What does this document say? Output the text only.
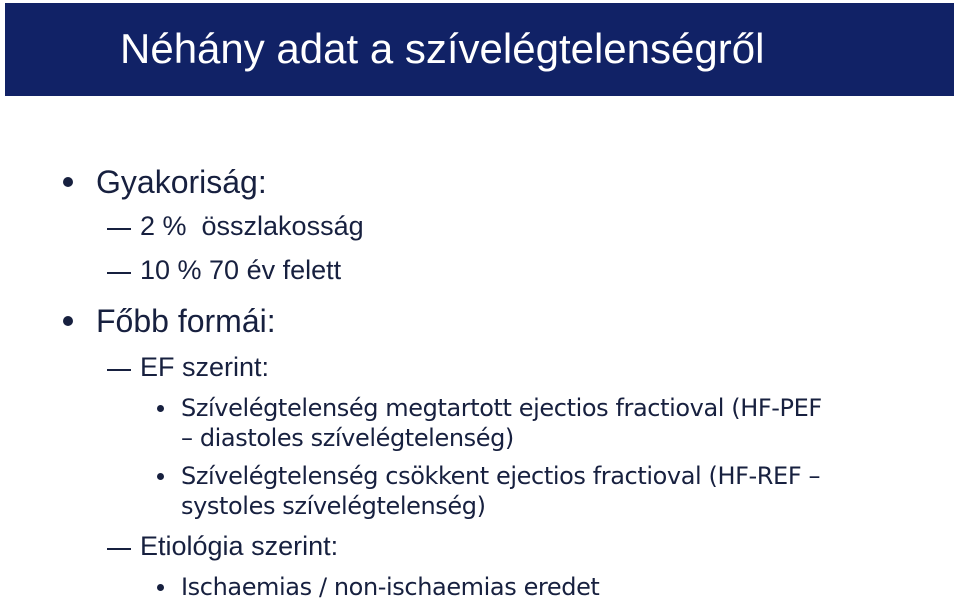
Néhány adat a szívelégtelenségről
Gyakoriság:
2 %  összlakosság
10 % 70 év felett
Főbb formái:
EF szerint:
Szívelégtelenség megtartott ejectios fractioval (HF-PEF
– diastoles szívelégtelenség)
Szívelégtelenség csökkent ejectios fractioval (HF-REF –
systoles szívelégtelenség)
Etiológia szerint:
Ischaemias / non-ischaemias eredet
